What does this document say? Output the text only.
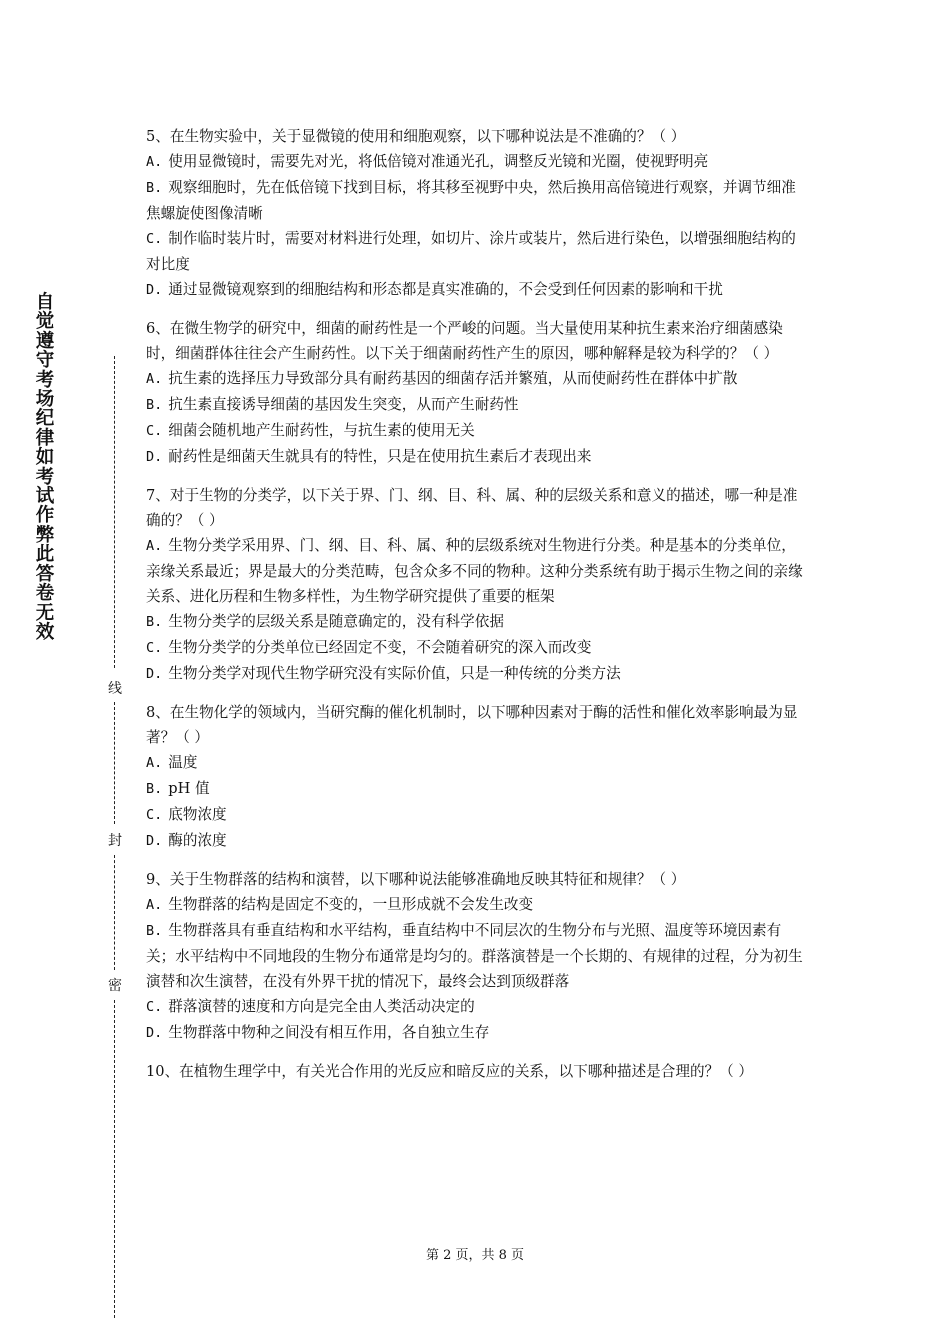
自
觉
遵
守
考
场
纪
律
如
考
试
作
弊
此
答
卷
无
效
线
封
密

5、在生物实验中，关于显微镜的使用和细胞观察，以下哪种说法是不准确的？（ ）

A. 使用显微镜时，需要先对光，将低倍镜对准通光孔，调整反光镜和光圈，使视野明亮

B. 观察细胞时，先在低倍镜下找到目标，将其移至视野中央，然后换用高倍镜进行观察，并调节细准焦螺旋使图像清晰

C. 制作临时装片时，需要对材料进行处理，如切片、涂片或装片，然后进行染色，以增强细胞结构的对比度

D. 通过显微镜观察到的细胞结构和形态都是真实准确的，不会受到任何因素的影响和干扰

6、在微生物学的研究中，细菌的耐药性是一个严峻的问题。当大量使用某种抗生素来治疗细菌感染时，细菌群体往往会产生耐药性。以下关于细菌耐药性产生的原因，哪种解释是较为科学的？（ ）

A. 抗生素的选择压力导致部分具有耐药基因的细菌存活并繁殖，从而使耐药性在群体中扩散

B. 抗生素直接诱导细菌的基因发生突变，从而产生耐药性

C. 细菌会随机地产生耐药性，与抗生素的使用无关

D. 耐药性是细菌天生就具有的特性，只是在使用抗生素后才表现出来

7、对于生物的分类学，以下关于界、门、纲、目、科、属、种的层级关系和意义的描述，哪一种是准确的？（ ）

A. 生物分类学采用界、门、纲、目、科、属、种的层级系统对生物进行分类。种是基本的分类单位，亲缘关系最近；界是最大的分类范畴，包含众多不同的物种。这种分类系统有助于揭示生物之间的亲缘关系、进化历程和生物多样性，为生物学研究提供了重要的框架

B. 生物分类学的层级关系是随意确定的，没有科学依据

C. 生物分类学的分类单位已经固定不变，不会随着研究的深入而改变

D. 生物分类学对现代生物学研究没有实际价值，只是一种传统的分类方法

8、在生物化学的领域内，当研究酶的催化机制时，以下哪种因素对于酶的活性和催化效率影响最为显著？（ ）

A. 温度

B. pH 值

C. 底物浓度

D. 酶的浓度

9、关于生物群落的结构和演替，以下哪种说法能够准确地反映其特征和规律？（ ）

A. 生物群落的结构是固定不变的，一旦形成就不会发生改变

B. 生物群落具有垂直结构和水平结构，垂直结构中不同层次的生物分布与光照、温度等环境因素有关；水平结构中不同地段的生物分布通常是均匀的。群落演替是一个长期的、有规律的过程，分为初生演替和次生演替，在没有外界干扰的情况下，最终会达到顶级群落

C. 群落演替的速度和方向是完全由人类活动决定的

D. 生物群落中物种之间没有相互作用，各自独立生存

10、在植物生理学中，有关光合作用的光反应和暗反应的关系，以下哪种描述是合理的？（ ）

第 2 页，共 8 页
